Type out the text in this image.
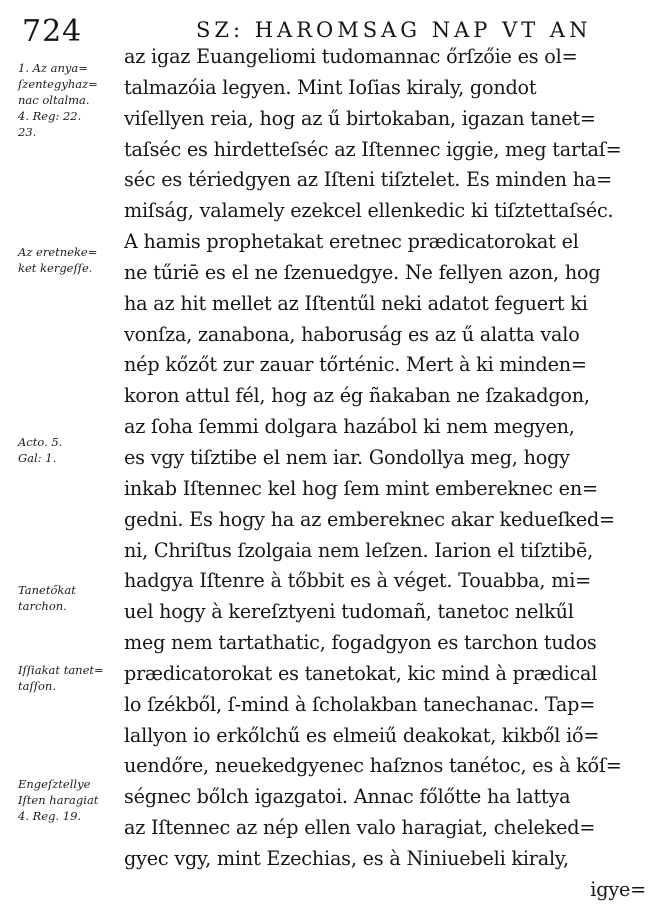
724	SZ: HAROMSAG NAP VT AN
az igaz Euangeliomi tudomannac őrſzőie es ol=
talmazóia legyen. Mint Ioſias kiraly, gondot
viſellyen reia, hog az ű birtokaban, igazan tanet=
taſséc es hirdetteſséc az Iſtennec iggie, meg tartaſ=
séc es tériedgyen az Iſteni tiſztelet. Es minden ha=
miſság, valamely ezekcel ellenkedic ki tiſztettaſséc.
A hamis prophetakat eretnec prædicatorokat el
ne tűriē es el ne ſzenuedgye. Ne fellyen azon, hog
ha az hit mellet az Iſtentűl neki adatot feguert ki
vonſza, zanabona, haboruság es az ű alatta valo
nép kőzőt zur zauar tőrténic. Mert à ki minden=
koron attul fél, hog az ég ñakaban ne ſzakadgon,
az ſoha ſemmi dolgara hazábol ki nem megyen,
es vgy tiſztibe el nem iar. Gondollya meg, hogy
inkab Iſtennec kel hog ſem mint embereknec en=
gedni. Es hogy ha az embereknec akar kedueſked=
ni, Chriſtus ſzolgaia nem leſzen. Iarion el tiſztibē,
hadgya Iſtenre à tőbbit es à véget. Touabba, mi=
uel hogy à kereſztyeni tudomañ, tanetoc nelkűl
meg nem tartathatic, fogadgyon es tarchon tudos
prædicatorokat es tanetokat, kic mind à prædical
lo ſzékből, ſ-mind à ſcholakban tanechanac. Tap=
lallyon io erkőlchű es elmeiű deakokat, kikből iő=
uendőre, neuekedgyenec haſznos tanétoc, es à kőſ=
ségnec bőlch igazgatoi. Annac főlőtte ha lattya
az Iſtennec az nép ellen valo haragiat, cheleked=
gyec vgy, mint Ezechias, es à Niniuebeli kiraly,
igye=
1. Az anya=
ſzentegyhaz=
nac oltalma.
4. Reg: 22.
23.
Az eretneke=
ket kergeſſe.
Acto. 5.
Gal: 1.
Tanetőkat
tarchon.
Iſſiakat tanet=
taſſon.
Engeſztellye
Iſten haragiat
4. Reg. 19.
